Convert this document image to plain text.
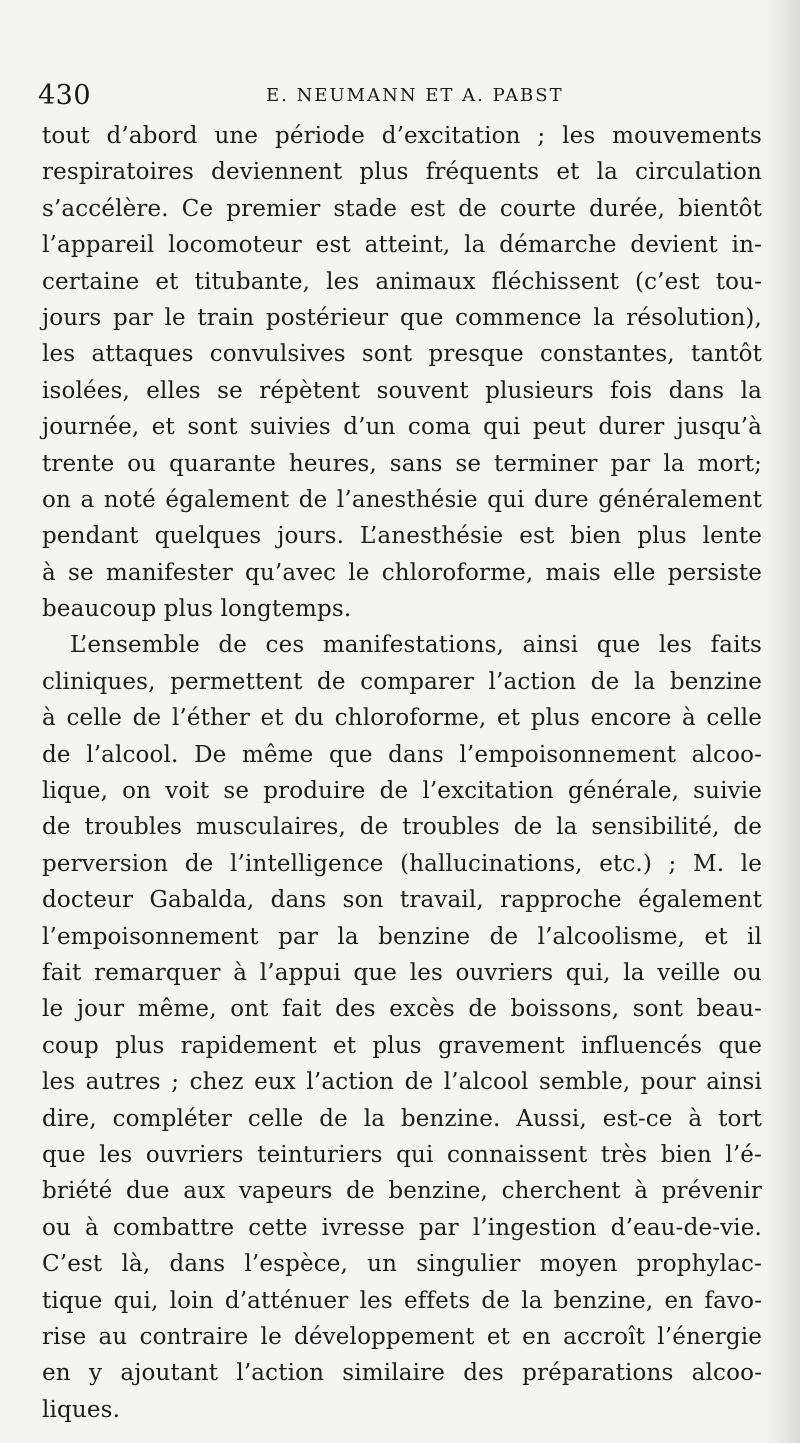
430	E. NEUMANN ET A. PABST
tout d’abord une période d’excitation ; les mouvements
respiratoires deviennent plus fréquents et la circulation
s’accélère. Ce premier stade est de courte durée, bientôt
l’appareil locomoteur est atteint, la démarche devient in-
certaine et titubante, les animaux fléchissent (c’est tou-
jours par le train postérieur que commence la résolution),
les attaques convulsives sont presque constantes, tantôt
isolées, elles se répètent souvent plusieurs fois dans la
journée, et sont suivies d’un coma qui peut durer jusqu’à
trente ou quarante heures, sans se terminer par la mort;
on a noté également de l’anesthésie qui dure généralement
pendant quelques jours. L’anesthésie est bien plus lente
à se manifester qu’avec le chloroforme, mais elle persiste
beaucoup plus longtemps.
L’ensemble de ces manifestations, ainsi que les faits
cliniques, permettent de comparer l’action de la benzine
à celle de l’éther et du chloroforme, et plus encore à celle
de l’alcool. De même que dans l’empoisonnement alcoo-
lique, on voit se produire de l’excitation générale, suivie
de troubles musculaires, de troubles de la sensibilité, de
perversion de l’intelligence (hallucinations, etc.) ; M. le
docteur Gabalda, dans son travail, rapproche également
l’empoisonnement par la benzine de l’alcoolisme, et il
fait remarquer à l’appui que les ouvriers qui, la veille ou
le jour même, ont fait des excès de boissons, sont beau-
coup plus rapidement et plus gravement influencés que
les autres ; chez eux l’action de l’alcool semble, pour ainsi
dire, compléter celle de la benzine. Aussi, est-ce à tort
que les ouvriers teinturiers qui connaissent très bien l’é-
briété due aux vapeurs de benzine, cherchent à prévenir
ou à combattre cette ivresse par l’ingestion d’eau-de-vie.
C’est là, dans l’espèce, un singulier moyen prophylac-
tique qui, loin d’atténuer les effets de la benzine, en favo-
rise au contraire le développement et en accroît l’énergie
en y ajoutant l’action similaire des préparations alcoo-
liques.
